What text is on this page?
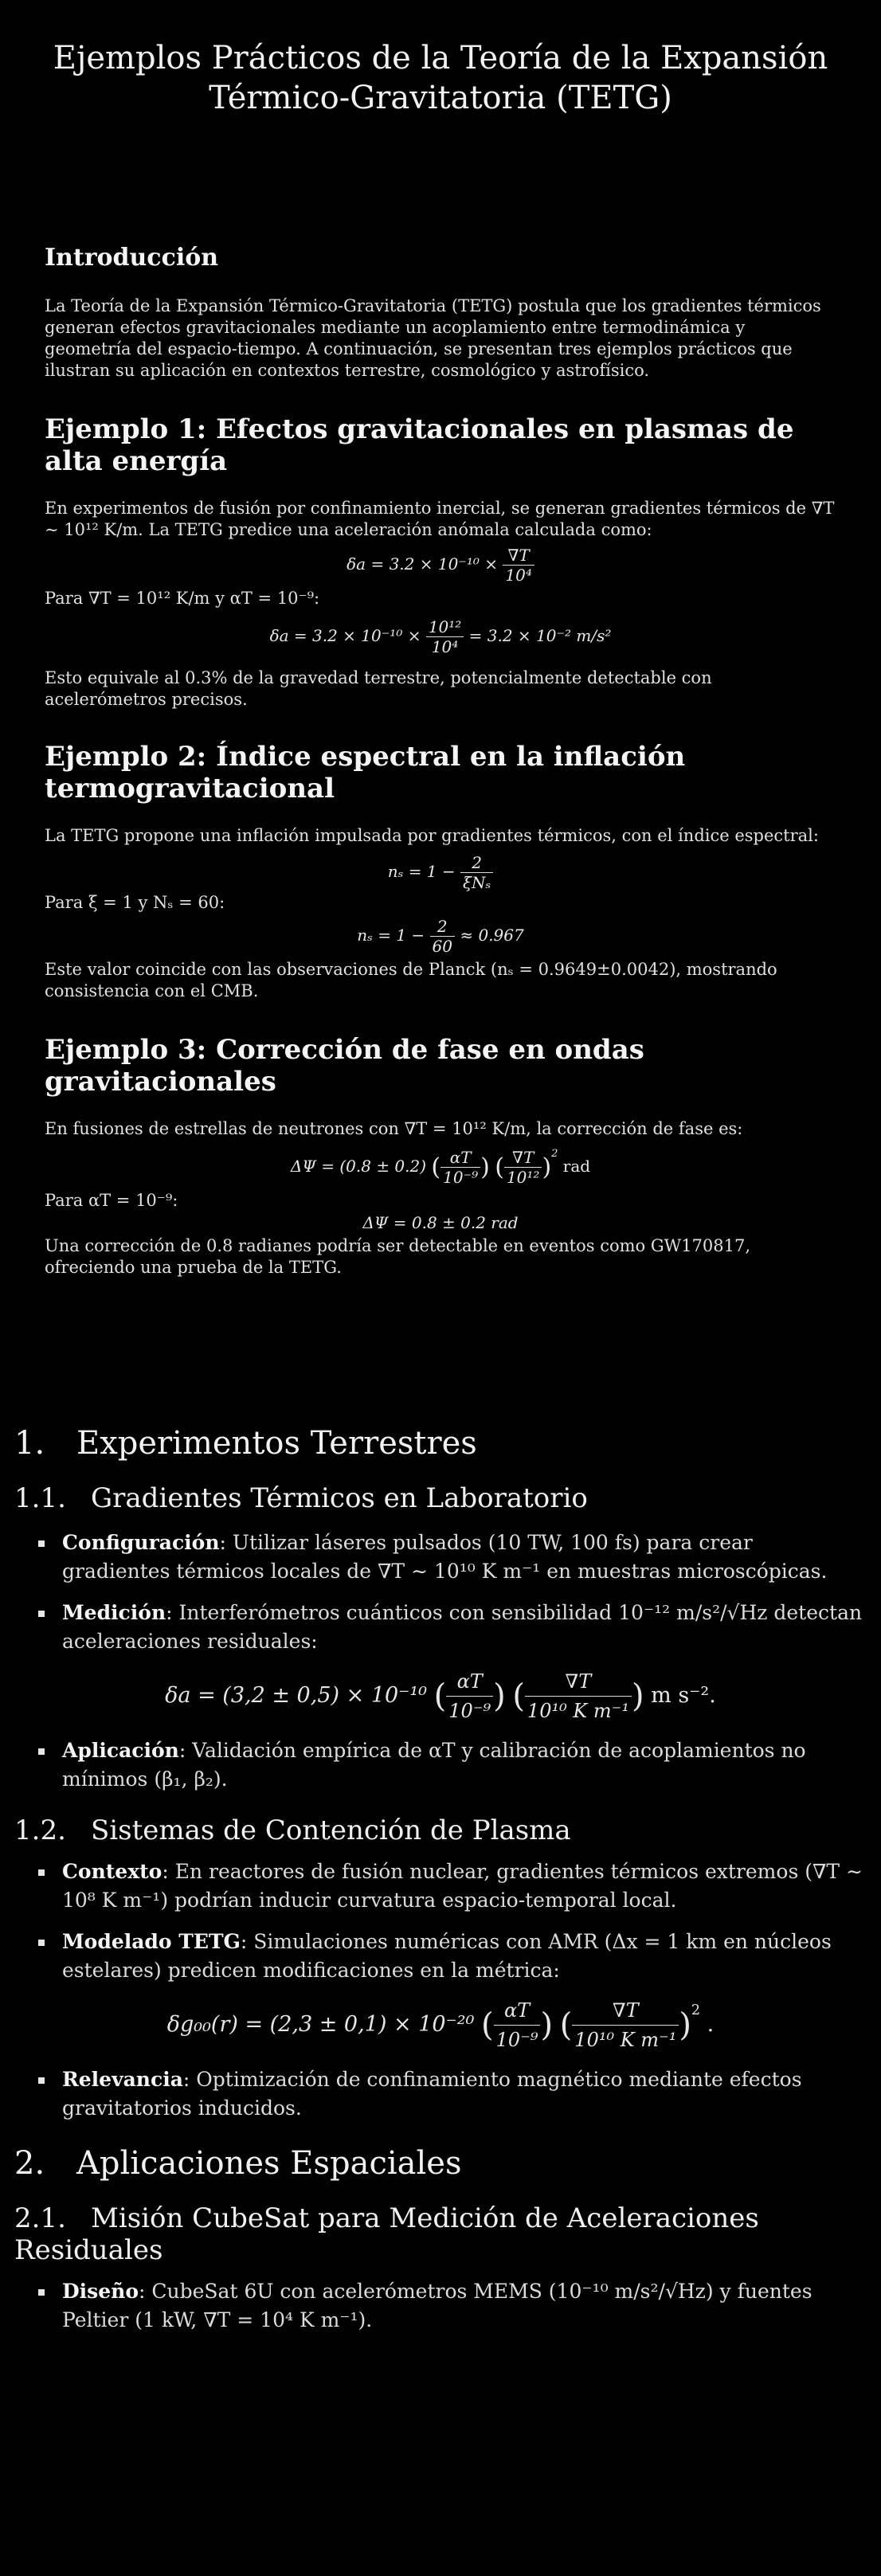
Ejemplos Prácticos de la Teoría de la Expansión Térmico-Gravitatoria (TETG)
Introducción

La Teoría de la Expansión Térmico-Gravitatoria (TETG) postula que los gradientes térmicos generan efectos gravitacionales mediante un acoplamiento entre termodinámica y geometría del espacio-tiempo. A continuación, se presentan tres ejemplos prácticos que ilustran su aplicación en contextos terrestre, cosmológico y astrofísico.

Ejemplo 1: Efectos gravitacionales en plasmas de alta energía

En experimentos de fusión por confinamiento inercial, se generan gradientes térmicos de ∇T ∼ 10¹² K/m. La TETG predice una aceleración anómala calculada como:

$\delta a = 3.2 \times 10^{-10} \times \frac{\nabla T}{\text{10⁴}}$

Para ∇T = 10¹² K/m y αT = 10⁻⁹:

$\delta a = 3.2 \times 10^{-10} \times \frac{\text{10¹²}}{\text{10⁴}} = 3.2 \times 10^{-2}$ m/s²

Esto equivale al 0.3% de la gravedad terrestre, potencialmente detectable con acelerómetros precisos.

Ejemplo 2: Índice espectral en la inflación termogravitacional

La TETG propone una inflación impulsada por gradientes térmicos, con el índice espectral:

$n_s = 1 - \frac{2}{\text{ξNₛ}}$

Para ξ = 1 y Nₛ = 60:

$n_s = 1 - \frac{2}{60} \approx 0.967$

Este valor coincide con las observaciones de Planck (nₛ = 0.9649±0.0042), mostrando consistencia con el CMB.

Ejemplo 3: Corrección de fase en ondas gravitacionales

En fusiones de estrellas de neutrones con ∇T = 10¹² K/m, la corrección de fase es:

ΔΨ = (0.8 ± 0.2) ( $\frac{\alpha T}{\text{10⁻⁹}}$ ) ( $\frac{\nabla T}{\text{10¹²}} )^2$ rad

Para αT = 10⁻⁹:

ΔΨ = 0.8 ± 0.2 rad

Una corrección de 0.8 radianes podría ser detectable en eventos como GW170817, ofreciendo una prueba de la TETG.

1. Experimentos Terrestres
1.1. Gradientes Térmicos en Laboratorio
Configuración: Utilizar láseres pulsados (10 TW, 100 fs) para crear gradientes térmicos locales de ∇T ∼ 10¹⁰ K m⁻¹ en muestras microscópicas.
Medición: Interferómetros cuánticos con sensibilidad 10⁻¹² m/s²/√Hz detectan aceleraciones residuales:
δa = (3,2 ± 0,5) × 10⁻¹⁰ ( $\frac{\alpha T}{\text{10⁻⁹}}$ ) ( $\frac{\nabla T}{\text{10¹⁰ K m⁻¹}}$ ) m s⁻².
Aplicación: Validación empírica de αT y calibración de acoplamientos no mínimos (β₁, β₂).
1.2. Sistemas de Contención de Plasma
Contexto: En reactores de fusión nuclear, gradientes térmicos extremos (∇T ∼ 10⁸ K m⁻¹) podrían inducir curvatura espacio-temporal local.
Modelado TETG: Simulaciones numéricas con AMR (Δx = 1 km en núcleos estelares) predicen modificaciones en la métrica:
δg₀₀(r) = (2,3 ± 0,1) × 10⁻²⁰ ( $\frac{\alpha T}{\text{10⁻⁹}}$ ) ( $\frac{\nabla T}{\text{10¹⁰ K m⁻¹}} )^2$ .
Relevancia: Optimización de confinamiento magnético mediante efectos gravitatorios inducidos.
2. Aplicaciones Espaciales
2.1. Misión CubeSat para Medición de Aceleraciones Residuales
Diseño: CubeSat 6U con acelerómetros MEMS (10⁻¹⁰ m/s²/√Hz) y fuentes Peltier (1 kW, ∇T = 10⁴ K m⁻¹).
